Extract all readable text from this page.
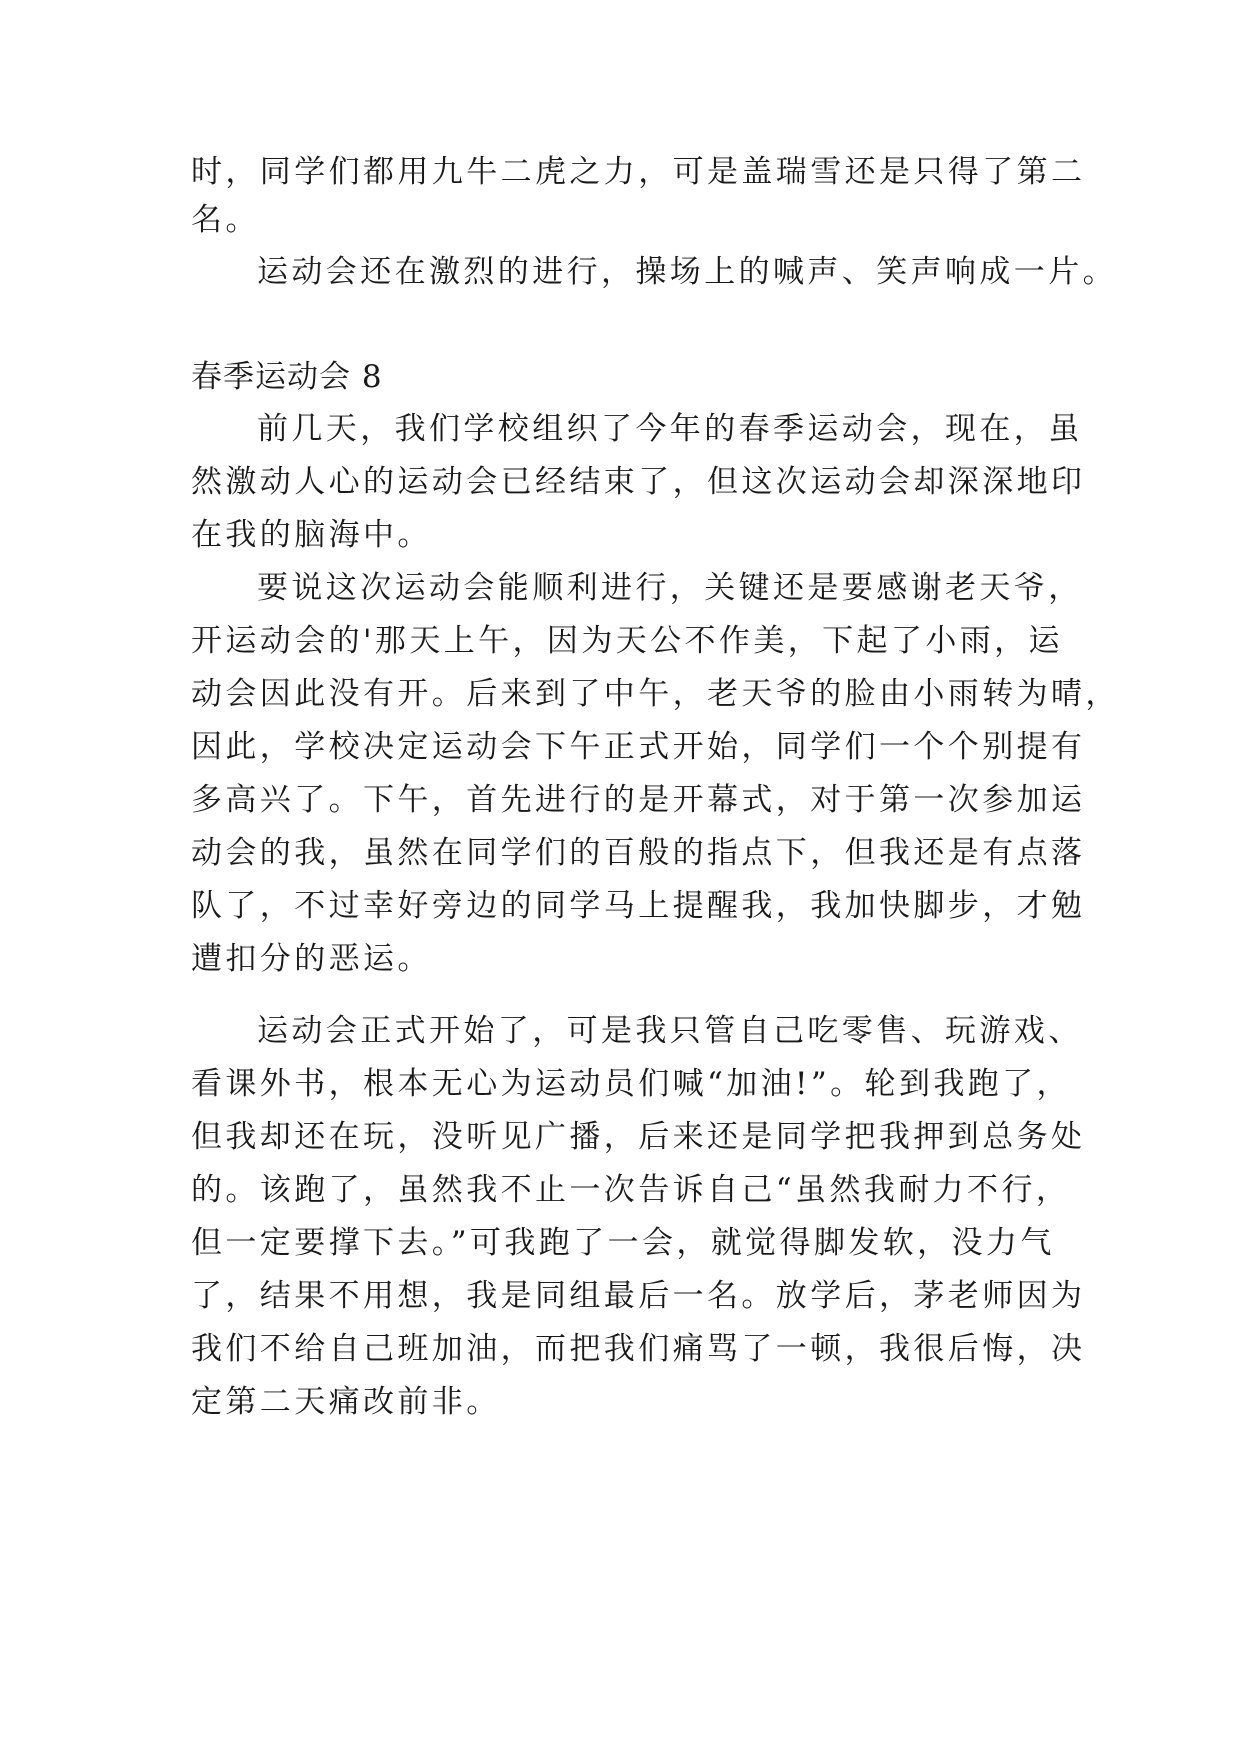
时，同学们都用九牛二虎之力，可是盖瑞雪还是只得了第二
名。
运动会还在激烈的进行，操场上的喊声、笑声响成一片。
春季运动会 8
前几天，我们学校组织了今年的春季运动会，现在，虽
然激动人心的运动会已经结束了，但这次运动会却深深地印
在我的脑海中。
要说这次运动会能顺利进行，关键还是要感谢老天爷，
开运动会的'那天上午，因为天公不作美，下起了小雨，运
动会因此没有开。后来到了中午，老天爷的脸由小雨转为晴，
因此，学校决定运动会下午正式开始，同学们一个个别提有
多高兴了。下午，首先进行的是开幕式，对于第一次参加运
动会的我，虽然在同学们的百般的指点下，但我还是有点落
队了，不过幸好旁边的同学马上提醒我，我加快脚步，才勉
遭扣分的恶运。
运动会正式开始了，可是我只管自己吃零售、玩游戏、
看课外书，根本无心为运动员们喊“加油!”。轮到我跑了，
但我却还在玩，没听见广播，后来还是同学把我押到总务处
的。该跑了，虽然我不止一次告诉自己“虽然我耐力不行，
但一定要撑下去。”可我跑了一会，就觉得脚发软，没力气
了，结果不用想，我是同组最后一名。放学后，茅老师因为
我们不给自己班加油，而把我们痛骂了一顿，我很后悔，决
定第二天痛改前非。
